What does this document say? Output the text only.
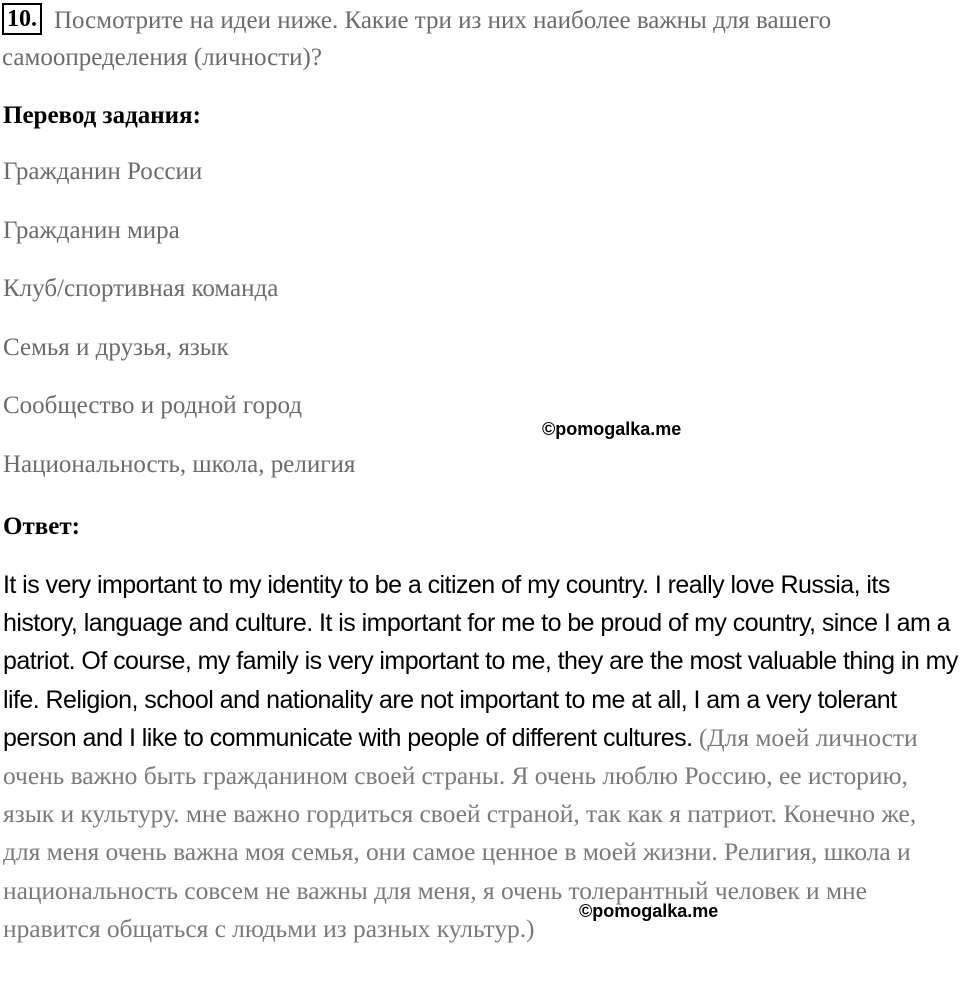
10. Посмотрите на идеи ниже. Какие три из них наиболее важны для вашего самоопределения (личности)?
Перевод задания:
Гражданин России
Гражданин мира
Клуб/спортивная команда
Семья и друзья, язык
Сообщество и родной город
Национальность, школа, религия
©pomogalka.me
Ответ:

It is very important to my identity to be a citizen of my country. I really love Russia, its history, language and culture. It is important for me to be proud of my country, since I am a patriot. Of course, my family is very important to me, they are the most valuable thing in my life. Religion, school and nationality are not important to me at all, I am a very tolerant person and I like to communicate with people of different cultures. (Для моей личности очень важно быть гражданином своей страны. Я очень люблю Россию, ее историю, язык и культуру. мне важно гордиться своей страной, так как я патриот. Конечно же, для меня очень важна моя семья, они самое ценное в моей жизни. Религия, школа и национальность совсем не важны для меня, я очень толерантный человек и мне нравится общаться с людьми из разных культур.)

©pomogalka.me
